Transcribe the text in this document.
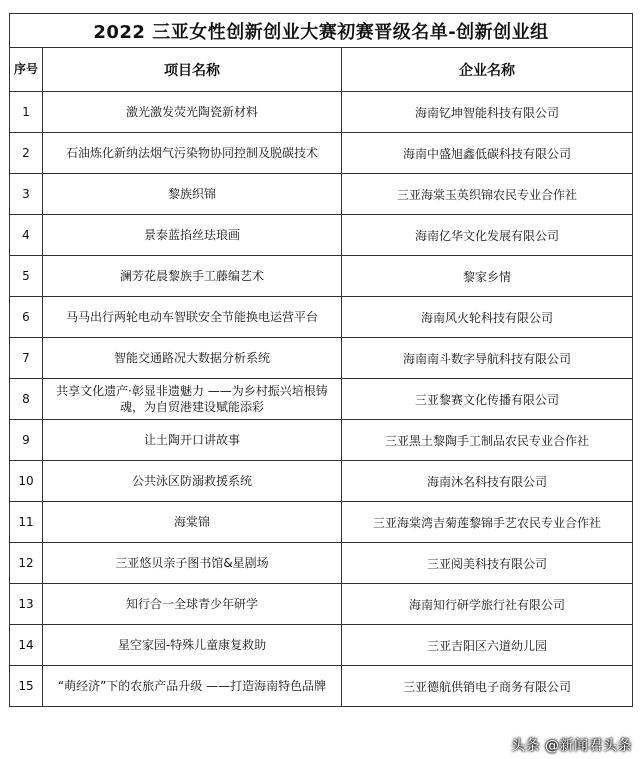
2022 三亚女性创新创业大赛初赛晋级名单-创新创业组		
序号	项目名称	企业名称
1	激光激发荧光陶瓷新材料	海南钇坤智能科技有限公司
2	石油炼化新纳法烟气污染物协同控制及脱碳技术	海南中盛旭鑫低碳科技有限公司
3	黎族织锦	三亚海棠玉英织锦农民专业合作社
4	景泰蓝掐丝珐琅画	海南亿华文化发展有限公司
5	澜芳花晨黎族手工藤编艺术	黎家乡情
6	马马出行两轮电动车智联安全节能换电运营平台	海南风火轮科技有限公司
7	智能交通路况大数据分析系统	海南南斗数字导航科技有限公司
8	共享文化遗产·彰显非遗魅力 ——为乡村振兴培根铸魂，为自贸港建设赋能添彩	三亚黎赛文化传播有限公司
9	让土陶开口讲故事	三亚黑土黎陶手工制品农民专业合作社
10	公共泳区防溺救援系统	海南沐名科技有限公司
11	海棠锦	三亚海棠湾吉菊莲黎锦手艺农民专业合作社
12	三亚悠贝亲子图书馆&星剧场	三亚阅美科技有限公司
13	知行合一全球青少年研学	海南知行研学旅行社有限公司
14	星空家园-特殊儿童康复救助	三亚吉阳区六道幼儿园
15	“萌经济”下的农旅产品升级 ——打造海南特色品牌	三亚德航供销电子商务有限公司
头条 @新闻君头条
